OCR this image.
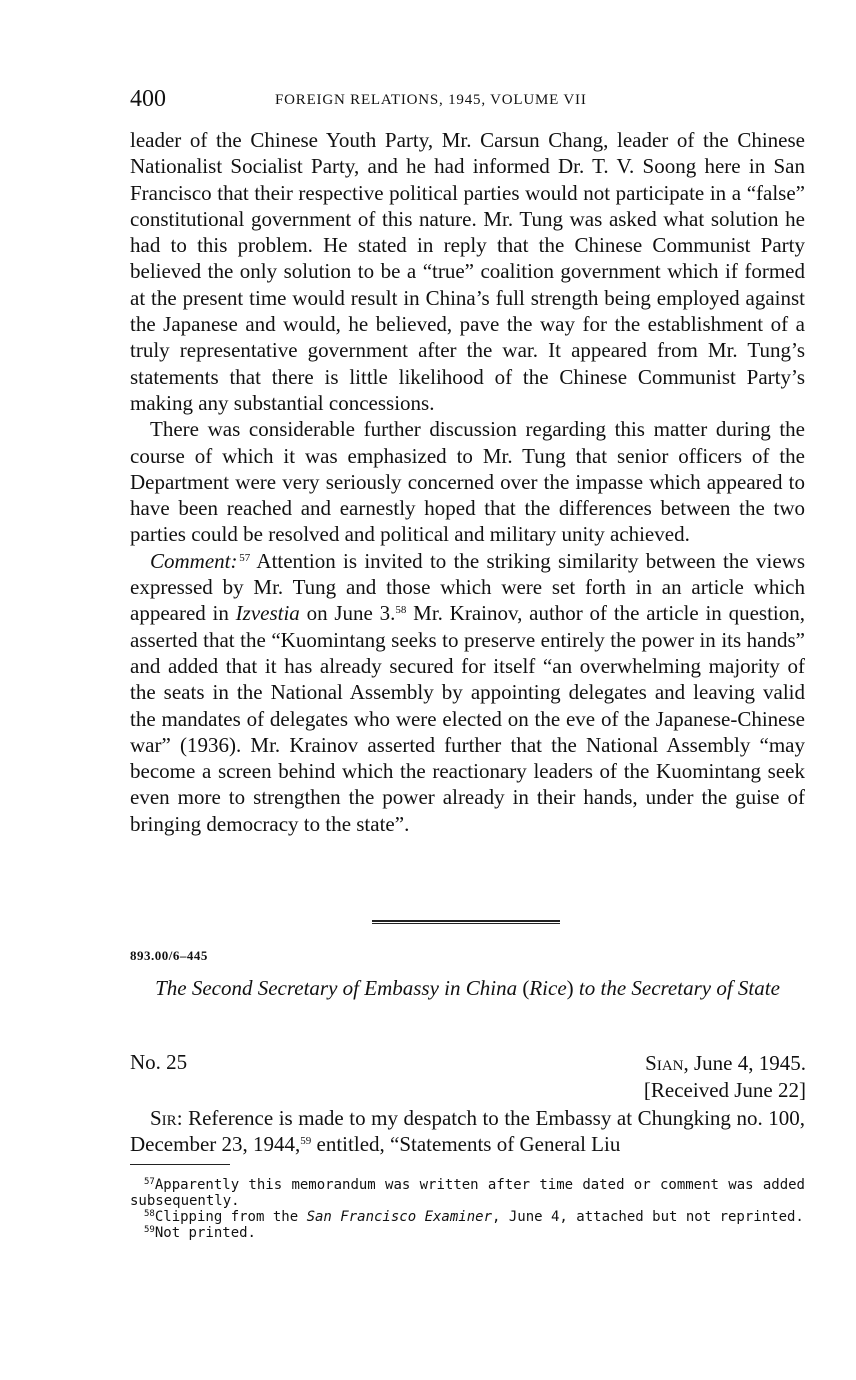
400	FOREIGN RELATIONS, 1945, VOLUME VII

leader of the Chinese Youth Party, Mr. Carsun Chang, leader of the Chinese Nationalist Socialist Party, and he had informed Dr. T. V. Soong here in San Francisco that their respective political parties would not participate in a “false” constitutional government of this nature. Mr. Tung was asked what solution he had to this problem. He stated in reply that the Chinese Communist Party believed the only solution to be a “true” coalition government which if formed at the present time would result in China’s full strength being employed against the Japanese and would, he believed, pave the way for the establishment of a truly representative government after the war. It appeared from Mr. Tung’s statements that there is little likelihood of the Chinese Communist Party’s making any substantial concessions.

There was considerable further discussion regarding this matter during the course of which it was emphasized to Mr. Tung that senior officers of the Department were very seriously concerned over the impasse which appeared to have been reached and earnestly hoped that the differences between the two parties could be resolved and political and military unity achieved.

Comment:  $^{57}$ Attention is invited to the striking similarity between the views expressed by Mr. Tung and those which were set forth in an article which appeared in Izvestia on June 3.58 Mr. Krainov, author of the article in question, asserted that the “Kuomintang seeks to preserve entirely the power in its hands” and added that it has already secured for itself “an overwhelming majority of the seats in the National Assembly by appointing delegates and leaving valid the mandates of delegates who were elected on the eve of the Japanese-Chinese war” (1936). Mr. Krainov asserted further that the National Assembly “may become a screen behind which the reactionary leaders of the Kuomintang seek even more to strengthen the power already in their hands, under the guise of bringing democracy to the state”.

893.00/6–445
The Second Secretary of Embassy in China (Rice) to the Secretary of State
No. 25	Sian, June 4, 1945.
[Received June 22]
Sir: Reference is made to my despatch to the Embassy at Chungking no. 100, December 23, 1944,59 entitled, “Statements of General Liu

$^{57}$Apparently this memorandum was written after time dated or comment was added subsequently.

$^{58}$Clipping from the San Francisco Examiner, June 4, attached but not reprinted.

$^{59}$Not printed.
